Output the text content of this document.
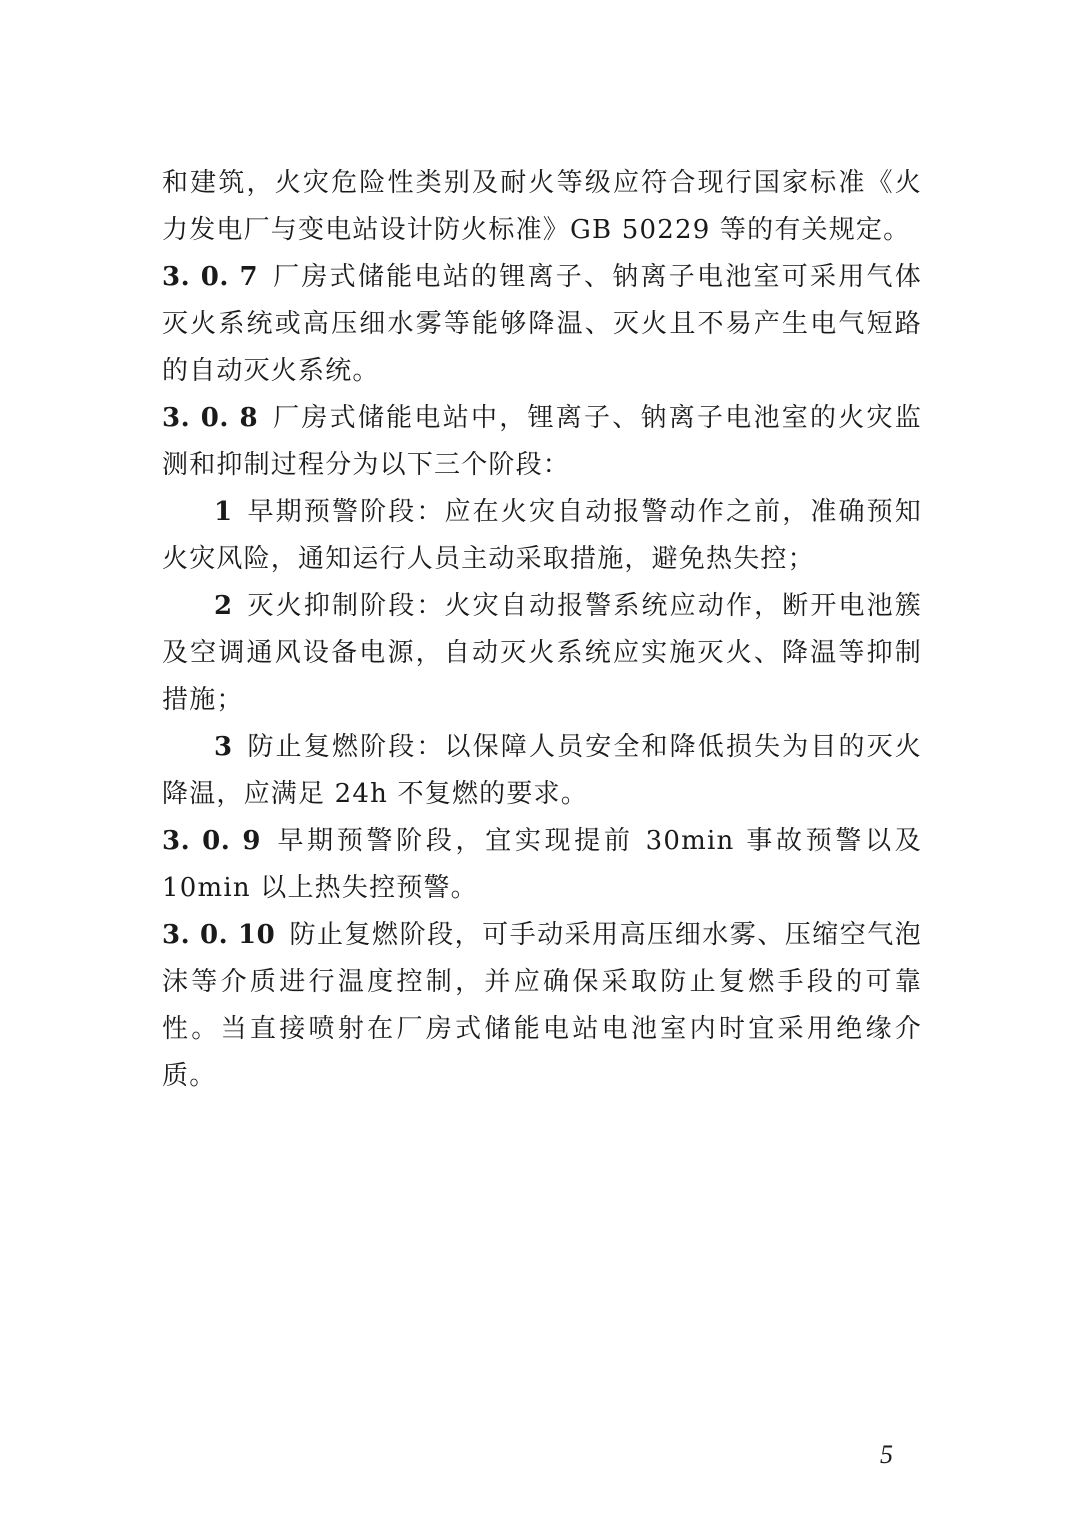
和建筑，火灾危险性类别及耐火等级应符合现行国家标准《火力发电厂与变电站设计防火标准》GB 50229 等的有关规定。

3. 0. 7 厂房式储能电站的锂离子、钠离子电池室可采用气体灭火系统或高压细水雾等能够降温、灭火且不易产生电气短路的自动灭火系统。

3. 0. 8 厂房式储能电站中，锂离子、钠离子电池室的火灾监测和抑制过程分为以下三个阶段：

1 早期预警阶段：应在火灾自动报警动作之前，准确预知火灾风险，通知运行人员主动采取措施，避免热失控；

2 灭火抑制阶段：火灾自动报警系统应动作，断开电池簇及空调通风设备电源，自动灭火系统应实施灭火、降温等抑制措施；

3 防止复燃阶段：以保障人员安全和降低损失为目的灭火降温，应满足 24h 不复燃的要求。

3. 0. 9 早期预警阶段，宜实现提前 30min 事故预警以及 10min 以上热失控预警。

3. 0. 10 防止复燃阶段，可手动采用高压细水雾、压缩空气泡沫等介质进行温度控制，并应确保采取防止复燃手段的可靠性。当直接喷射在厂房式储能电站电池室内时宜采用绝缘介质。

5
